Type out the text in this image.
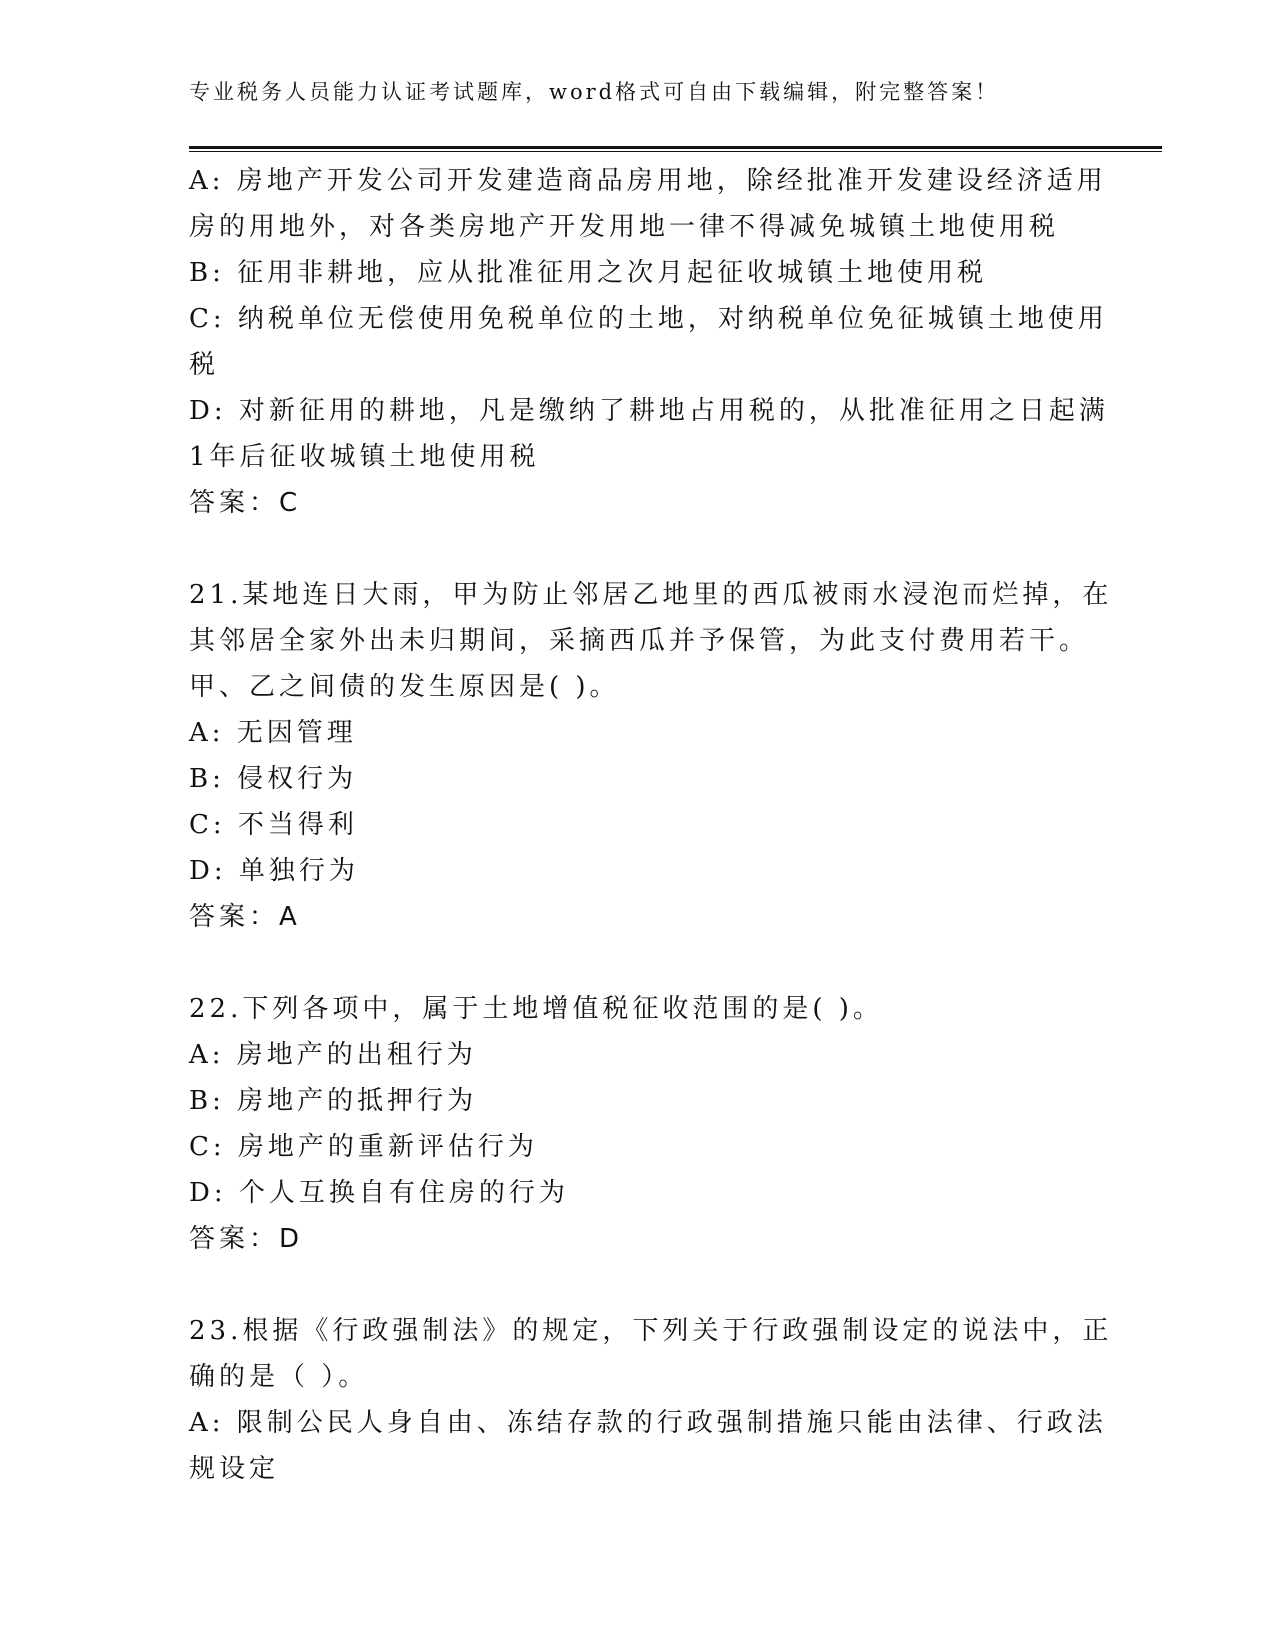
专业税务人员能力认证考试题库，word格式可自由下载编辑，附完整答案！
A: 房地产开发公司开发建造商品房用地，除经批准开发建设经济适用
房的用地外，对各类房地产开发用地一律不得减免城镇土地使用税
B: 征用非耕地，应从批准征用之次月起征收城镇土地使用税
C: 纳税单位无偿使用免税单位的土地，对纳税单位免征城镇土地使用
税
D: 对新征用的耕地，凡是缴纳了耕地占用税的，从批准征用之日起满
1年后征收城镇土地使用税
答案：C
21.某地连日大雨，甲为防止邻居乙地里的西瓜被雨水浸泡而烂掉，在
其邻居全家外出未归期间，采摘西瓜并予保管，为此支付费用若干。
甲、乙之间债的发生原因是( )。
A: 无因管理
B: 侵权行为
C: 不当得利
D: 单独行为
答案：A
22.下列各项中，属于土地增值税征收范围的是( )。
A: 房地产的出租行为
B: 房地产的抵押行为
C: 房地产的重新评估行为
D: 个人互换自有住房的行为
答案：D
23.根据《行政强制法》的规定，下列关于行政强制设定的说法中，正
确的是（ ）。
A: 限制公民人身自由、冻结存款的行政强制措施只能由法律、行政法
规设定
